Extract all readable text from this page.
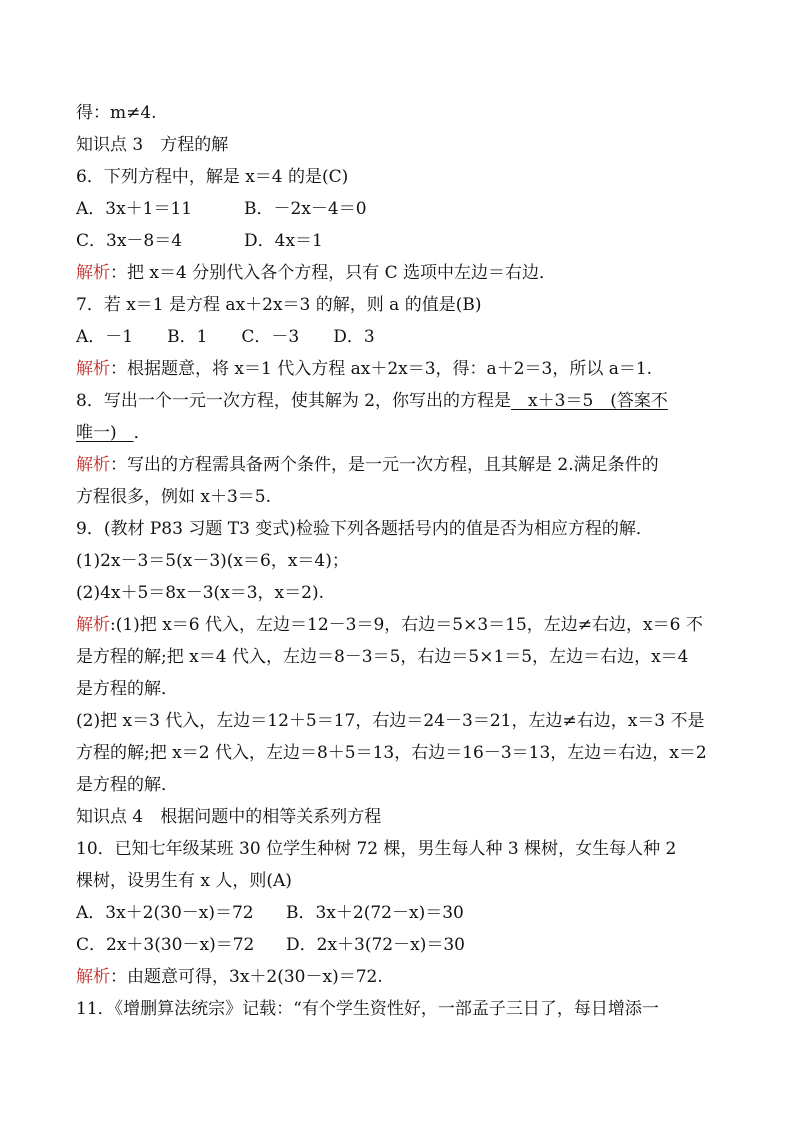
得：m≠4.
知识点 3　方程的解
6．下列方程中，解是 x＝4 的是(C)
A．3x＋1＝11	B．－2x－4＝0
C．3x－8＝4	D．4x＝1
解析：把 x＝4 分别代入各个方程，只有 C 选项中左边＝右边．
7．若 x＝1 是方程 ax＋2x＝3 的解，则 a 的值是(B)
A．－1　　B．1　　C．－3　　D．3
解析：根据题意，将 x＝1 代入方程 ax＋2x＝3，得：a＋2＝3，所以 a＝1.
8．写出一个一元一次方程，使其解为 2，你写出的方程是　x＋3＝5　(答案不
唯一)　．
解析：写出的方程需具备两个条件，是一元一次方程，且其解是 2.满足条件的
方程很多，例如 x＋3＝5.
9．(教材 P83 习题 T3 变式)检验下列各题括号内的值是否为相应方程的解．
(1)2x－3＝5(x－3)(x＝6，x＝4)；
(2)4x＋5＝8x－3(x＝3，x＝2).
解析:(1)把 x＝6 代入，左边＝12－3＝9，右边＝5×3＝15，左边≠右边，x＝6 不
是方程的解;把 x＝4 代入，左边＝8－3＝5，右边＝5×1＝5，左边＝右边，x＝4
是方程的解．
(2)把 x＝3 代入，左边＝12＋5＝17，右边＝24－3＝21，左边≠右边，x＝3 不是
方程的解;把 x＝2 代入，左边＝8＋5＝13，右边＝16－3＝13，左边＝右边，x＝2
是方程的解．
知识点 4　根据问题中的相等关系列方程
10．已知七年级某班 30 位学生种树 72 棵，男生每人种 3 棵树，女生每人种 2
棵树，设男生有 x 人，则(A)
A．3x＋2(30－x)＝72 B．3x＋2(72－x)＝30
C．2x＋3(30－x)＝72 D．2x＋3(72－x)＝30
解析：由题意可得，3x＋2(30－x)＝72.
11．《增删算法统宗》记载：“有个学生资性好，一部孟子三日了，每日增添一
